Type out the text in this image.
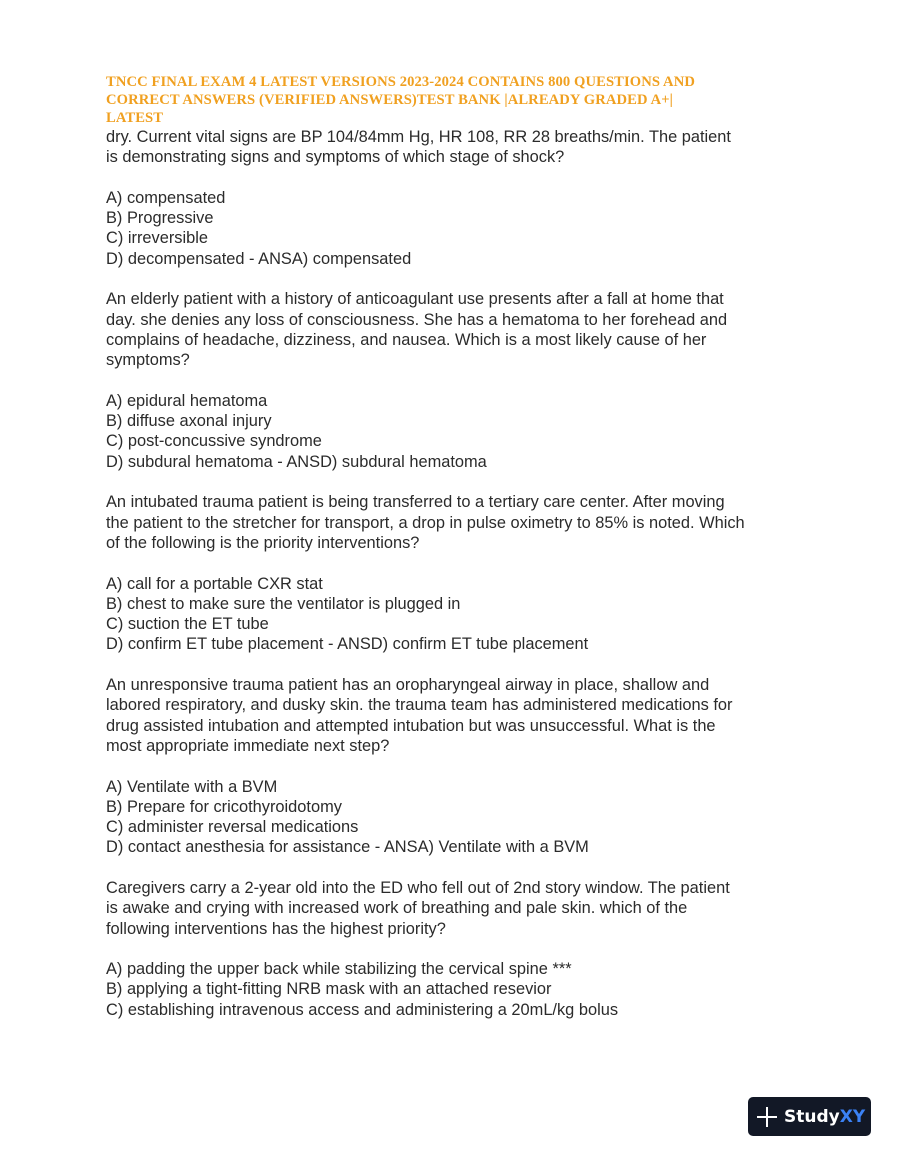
TNCC FINAL EXAM 4 LATEST VERSIONS 2023-2024 CONTAINS 800 QUESTIONS AND
CORRECT ANSWERS (VERIFIED ANSWERS)TEST BANK |ALREADY GRADED A+|
LATEST
dry. Current vital signs are BP 104/84mm Hg, HR 108, RR 28 breaths/min. The patient
is demonstrating signs and symptoms of which stage of shock?
A) compensated
B) Progressive
C) irreversible
D) decompensated - ANSA) compensated
An elderly patient with a history of anticoagulant use presents after a fall at home that
day. she denies any loss of consciousness. She has a hematoma to her forehead and
complains of headache, dizziness, and nausea. Which is a most likely cause of her
symptoms?
A) epidural hematoma
B) diffuse axonal injury
C) post-concussive syndrome
D) subdural hematoma - ANSD) subdural hematoma
An intubated trauma patient is being transferred to a tertiary care center. After moving
the patient to the stretcher for transport, a drop in pulse oximetry to 85% is noted. Which
of the following is the priority interventions?
A) call for a portable CXR stat
B) chest to make sure the ventilator is plugged in
C) suction the ET tube
D) confirm ET tube placement - ANSD) confirm ET tube placement
An unresponsive trauma patient has an oropharyngeal airway in place, shallow and
labored respiratory, and dusky skin. the trauma team has administered medications for
drug assisted intubation and attempted intubation but was unsuccessful. What is the
most appropriate immediate next step?
A) Ventilate with a BVM
B) Prepare for cricothyroidotomy
C) administer reversal medications
D) contact anesthesia for assistance - ANSA) Ventilate with a BVM
Caregivers carry a 2-year old into the ED who fell out of 2nd story window. The patient
is awake and crying with increased work of breathing and pale skin. which of the
following interventions has the highest priority?
A) padding the upper back while stabilizing the cervical spine ***
B) applying a tight-fitting NRB mask with an attached resevior
C) establishing intravenous access and administering a 20mL/kg bolus
Study XY
